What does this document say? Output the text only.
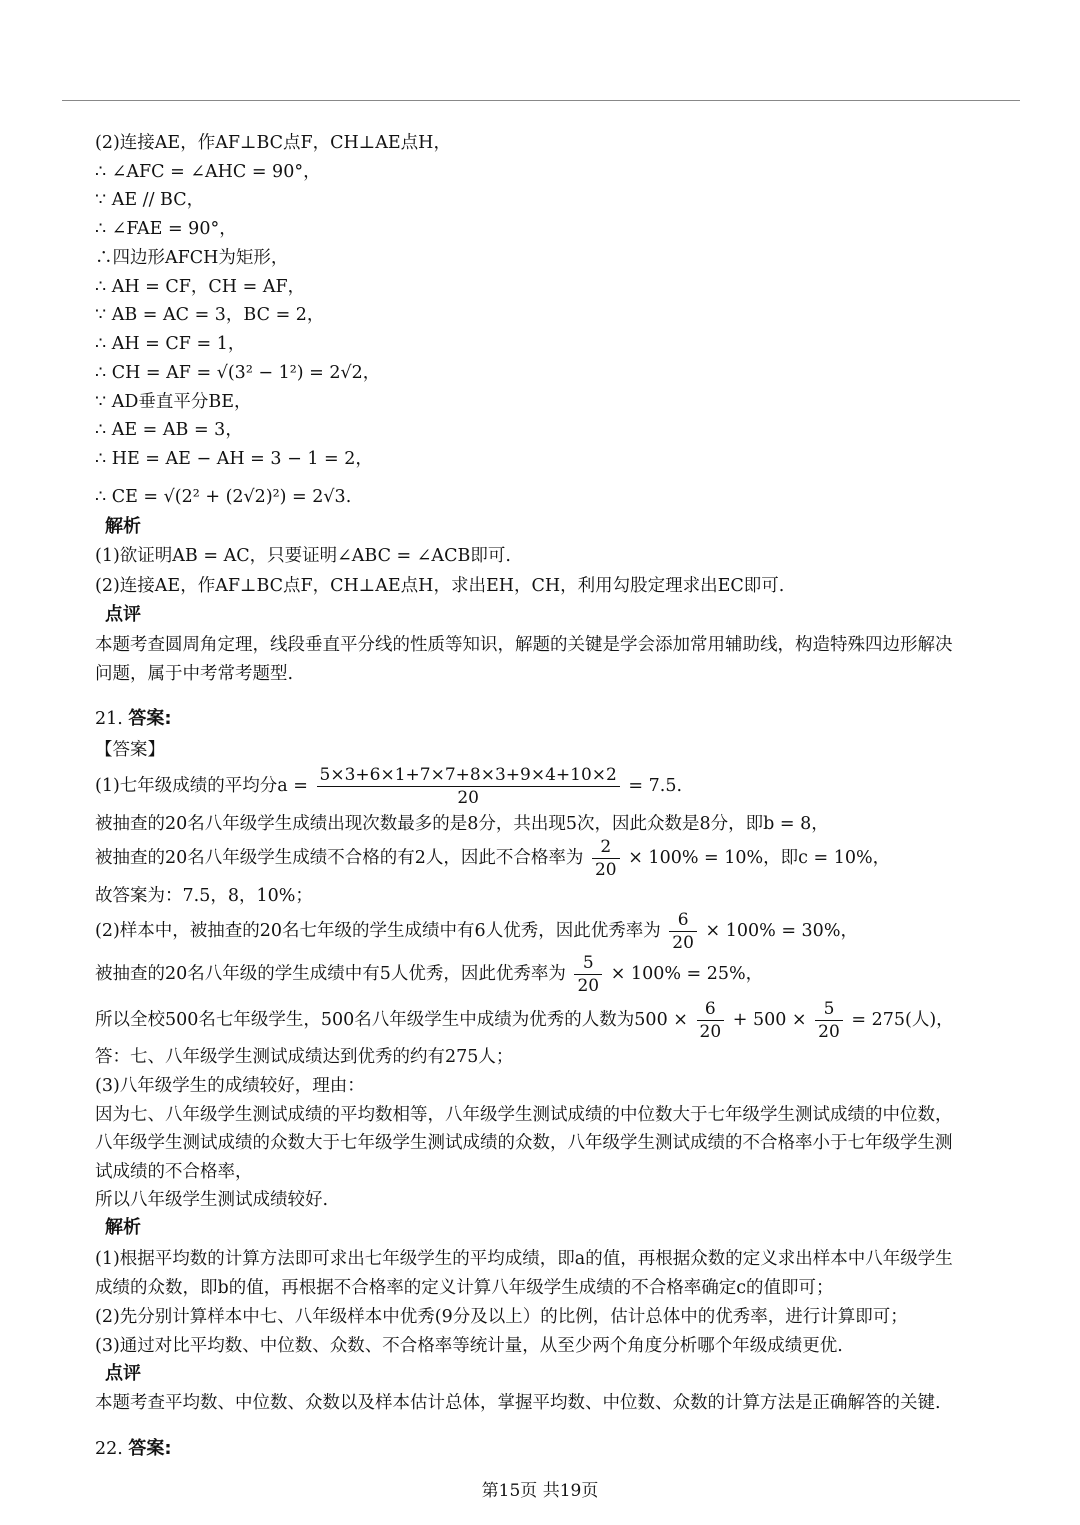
(2)连接AE，作AF⊥BC点F，CH⊥AE点H，
∴ ∠AFC = ∠AHC = 90°，
∵ AE // BC，
∴ ∠FAE = 90°，
∴四边形AFCH为矩形，
∴ AH = CF，CH = AF，
∵ AB = AC = 3，BC = 2，
∴ AH = CF = 1，
∴ CH = AF = √(3² − 1²) = 2√2，
∵ AD垂直平分BE，
∴ AE = AB = 3，
∴ HE = AE − AH = 3 − 1 = 2，
∴ CE = √(2² + (2√2)²) = 2√3.
解析
(1)欲证明AB = AC，只要证明∠ABC = ∠ACB即可.
(2)连接AE，作AF⊥BC点F，CH⊥AE点H，求出EH，CH，利用勾股定理求出EC即可.
点评
本题考查圆周角定理，线段垂直平分线的性质等知识，解题的关键是学会添加常用辅助线，构造特殊四边形解决
问题，属于中考常考题型.
21. 答案:
【答案】
(1)七年级成绩的平均分$a = \frac{5\times 3+6\times 1+7\times 7+8\times 3+9\times 4+10\times 2}{20} = 7.5$.
被抽查的20名八年级学生成绩出现次数最多的是8分，共出现5次，因此众数是8分，即b = 8，
被抽查的20名八年级学生成绩不合格的有2人，因此不合格率为 $\frac{2}{20} \times 100\% = 10\%$，即c = 10%，
故答案为：7.5，8，10%；
(2)样本中，被抽查的20名七年级的学生成绩中有6人优秀，因此优秀率为 $\frac{6}{20} \times 100\% = 30\%$，
被抽查的20名八年级的学生成绩中有5人优秀，因此优秀率为 $\frac{5}{20} \times 100\% = 25\%$，
所以全校500名七年级学生，500名八年级学生中成绩为优秀的人数为$500 \times \frac{6}{20} + 500 \times \frac{5}{20} = 275$(人)，
答：七、八年级学生测试成绩达到优秀的约有275人；
(3)八年级学生的成绩较好，理由：
因为七、八年级学生测试成绩的平均数相等，八年级学生测试成绩的中位数大于七年级学生测试成绩的中位数，
八年级学生测试成绩的众数大于七年级学生测试成绩的众数，八年级学生测试成绩的不合格率小于七年级学生测
试成绩的不合格率，
所以八年级学生测试成绩较好.
解析
(1)根据平均数的计算方法即可求出七年级学生的平均成绩，即a的值，再根据众数的定义求出样本中八年级学生
成绩的众数，即b的值，再根据不合格率的定义计算八年级学生成绩的不合格率确定c的值即可；
(2)先分别计算样本中七、八年级样本中优秀(9分及以上）的比例，估计总体中的优秀率，进行计算即可；
(3)通过对比平均数、中位数、众数、不合格率等统计量，从至少两个角度分析哪个年级成绩更优.
点评
本题考查平均数、中位数、众数以及样本估计总体，掌握平均数、中位数、众数的计算方法是正确解答的关键.
22. 答案:
第15页 共19页
